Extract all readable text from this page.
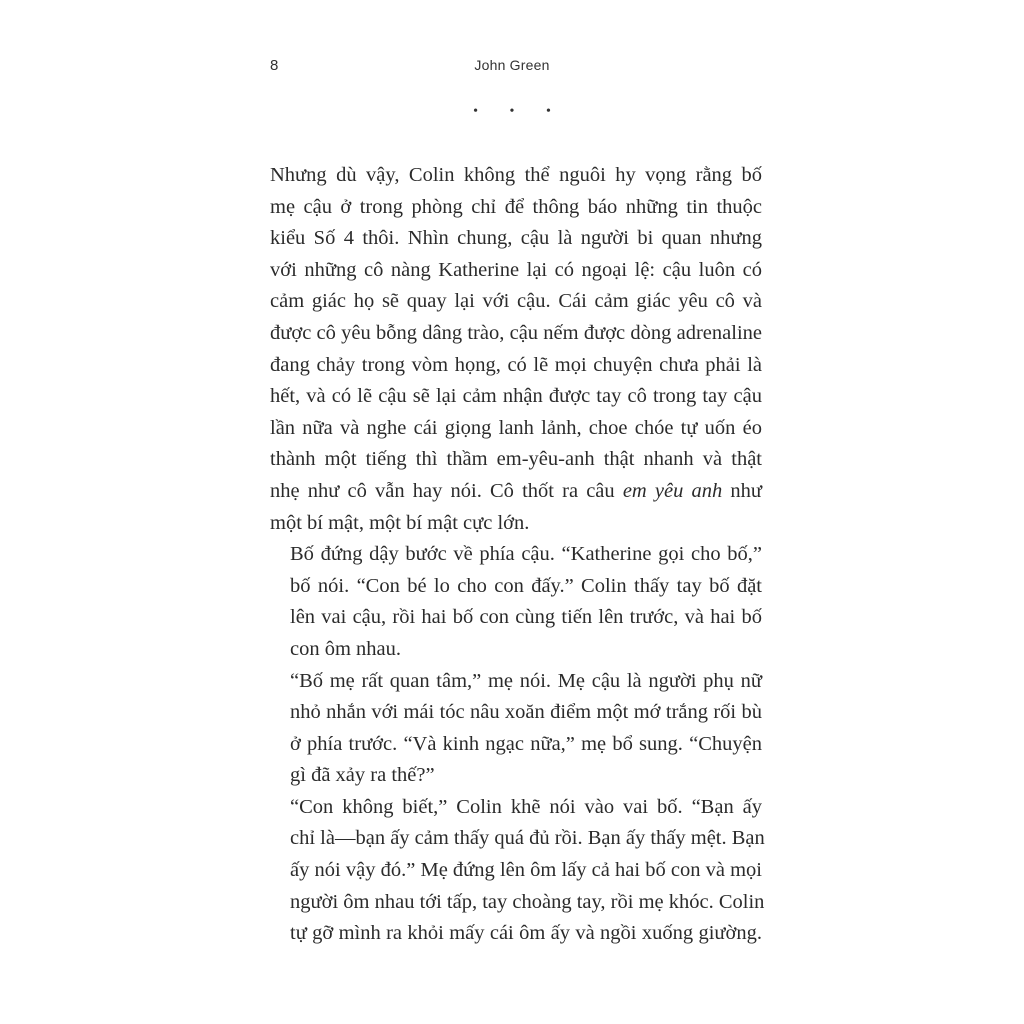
8	John Green
• • •

Nhưng dù vậy, Colin không thể nguôi hy vọng rằng bố
mẹ cậu ở trong phòng chỉ để thông báo những tin thuộc
kiểu Số 4 thôi. Nhìn chung, cậu là người bi quan nhưng
với những cô nàng Katherine lại có ngoại lệ: cậu luôn có
cảm giác họ sẽ quay lại với cậu. Cái cảm giác yêu cô và
được cô yêu bỗng dâng trào, cậu nếm được dòng adrenaline
đang chảy trong vòm họng, có lẽ mọi chuyện chưa phải là
hết, và có lẽ cậu sẽ lại cảm nhận được tay cô trong tay cậu
lần nữa và nghe cái giọng lanh lảnh, choe chóe tự uốn éo
thành một tiếng thì thầm em-yêu-anh thật nhanh và thật
nhẹ như cô vẫn hay nói. Cô thốt ra câu em yêu anh như
một bí mật, một bí mật cực lớn.

Bố đứng dậy bước về phía cậu. “Katherine gọi cho bố,”
bố nói. “Con bé lo cho con đấy.” Colin thấy tay bố đặt
lên vai cậu, rồi hai bố con cùng tiến lên trước, và hai bố
con ôm nhau.

“Bố mẹ rất quan tâm,” mẹ nói. Mẹ cậu là người phụ nữ
nhỏ nhắn với mái tóc nâu xoăn điểm một mớ trắng rối bù
ở phía trước. “Và kinh ngạc nữa,” mẹ bổ sung. “Chuyện
gì đã xảy ra thế?”

“Con không biết,” Colin khẽ nói vào vai bố. “Bạn ấy
chỉ là—bạn ấy cảm thấy quá đủ rồi. Bạn ấy thấy mệt. Bạn
ấy nói vậy đó.” Mẹ đứng lên ôm lấy cả hai bố con và mọi
người ôm nhau tới tấp, tay choàng tay, rồi mẹ khóc. Colin
tự gỡ mình ra khỏi mấy cái ôm ấy và ngồi xuống giường.
